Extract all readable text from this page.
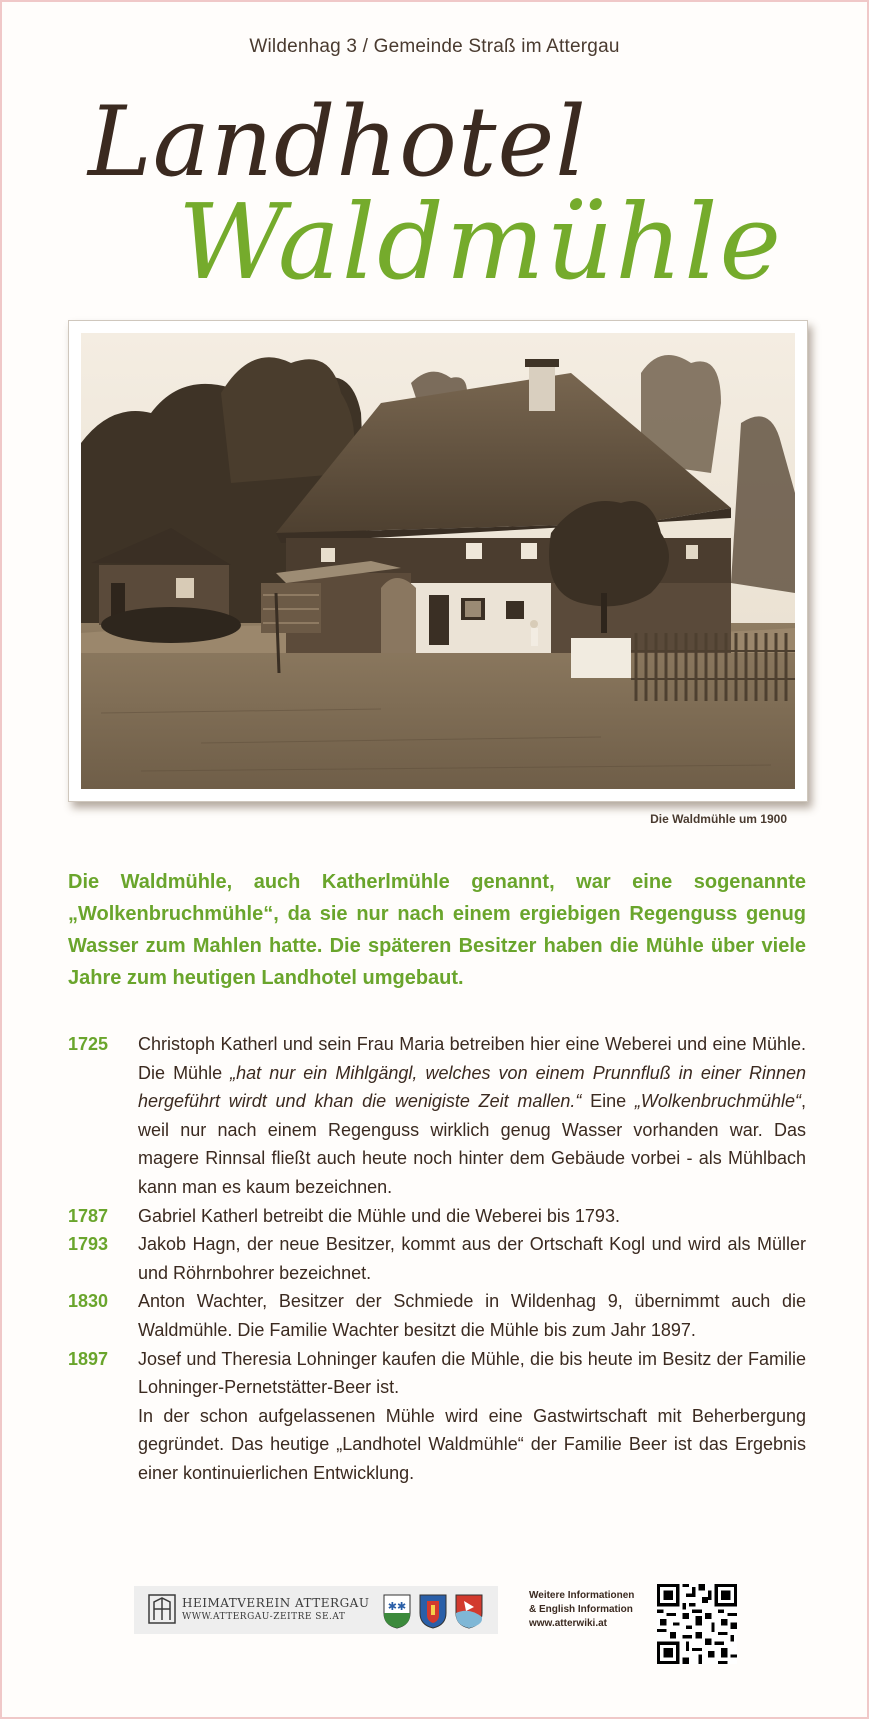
Wildenhag 3 / Gemeinde Straß im Attergau
Landhotel
Waldmühle
Die Waldmühle um 1900
Die Waldmühle, auch Katherlmühle genannt, war eine sogenannte „Wolkenbruchmühle“, da sie nur nach einem ergiebigen Regenguss genug Wasser zum Mahlen hatte. Die späteren Besitzer haben die Mühle über viele Jahre zum heutigen Landhotel umgebaut.
1725	Christoph Katherl und sein Frau Maria betreiben hier eine Weberei und eine Mühle. Die Mühle „hat nur ein Mihlgängl, welches von einem Prunnfluß in einer Rinnen hergeführt wirdt und khan die wenigiste Zeit mallen.“ Eine „Wolkenbruchmühle“, weil nur nach einem Regenguss wirklich genug Wasser vorhanden war. Das magere Rinnsal fließt auch heute noch hinter dem Gebäude vorbei - als Mühlbach kann man es kaum bezeichnen.
1787	Gabriel Katherl betreibt die Mühle und die Weberei bis 1793.
1793	Jakob Hagn, der neue Besitzer, kommt aus der Ortschaft Kogl und wird als Müller und Röhrnbohrer bezeichnet.
1830	Anton Wachter, Besitzer der Schmiede in Wildenhag 9, übernimmt auch die Waldmühle. Die Familie Wachter besitzt die Mühle bis zum Jahr 1897.
1897	Josef und Theresia Lohninger kaufen die Mühle, die bis heute im Besitz der Familie Lohninger-Pernetstätter-Beer ist.
In der schon aufgelassenen Mühle wird eine Gastwirtschaft mit Beherbergung gegründet. Das heutige „Landhotel Waldmühle“ der Familie Beer ist das Ergebnis einer kontinuierlichen Entwicklung.
HEIMATVEREIN ATTERGAU
WWW.ATTERGAU-ZEITRE SE.AT
✱✱
Weitere Informationen
& English Information
www.atterwiki.at
